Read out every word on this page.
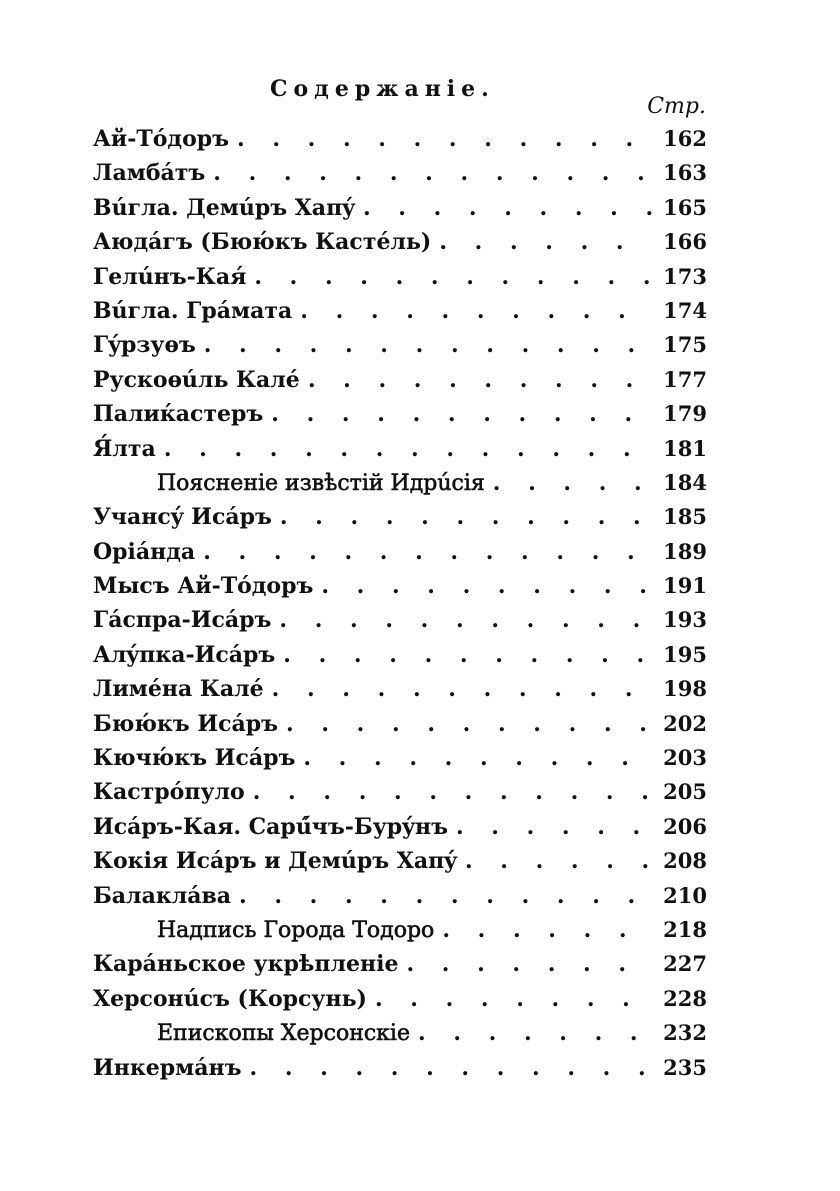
Содержаніе.
Стр.
Ай-Тóдоръ . . .	162
Ламбáтъ . . .	163
Вúгла. Демúръ Хапý . . .	165
Аюдáгъ (Бюю́къ Кастéль) . . .	166
Гелúнъ-Кая́ . . .	173
Вúгла. Грáмата . . .	174
Гýрзуѳъ . . .	175
Рускоѳúль Калé . . .	177
Палиќастеръ . . .	179
Я́лта . . .	181
Поясненіе извѣстій Идрúсія . . .	184
Учансý Исáръ . . .	185
Оріáнда . . .	189
Мысъ Ай-Тóдоръ . . .	191
Гáспра-Исáръ . . .	193
Алýпка-Исáръ . . .	195
Лимéна Калé . . .	198
Бюю́къ Исáръ . . .	202
Кючю́къ Исáръ . . .	203
Кастрóпуло . . .	205
Исáръ-Кая. Сарú́чъ-Бурýнъ . . .	206
Кокія Исáръ и Демúръ Хапý . . .	208
Балаклáва . . .	210
Надпись Города Тодоро . . .	218
Карáньское укрѣпленіе . . .	227
Херсонúсъ (Корсунь) . . .	228
Епископы Херсонскіе . . .	232
Инкермáнъ . . .	235
